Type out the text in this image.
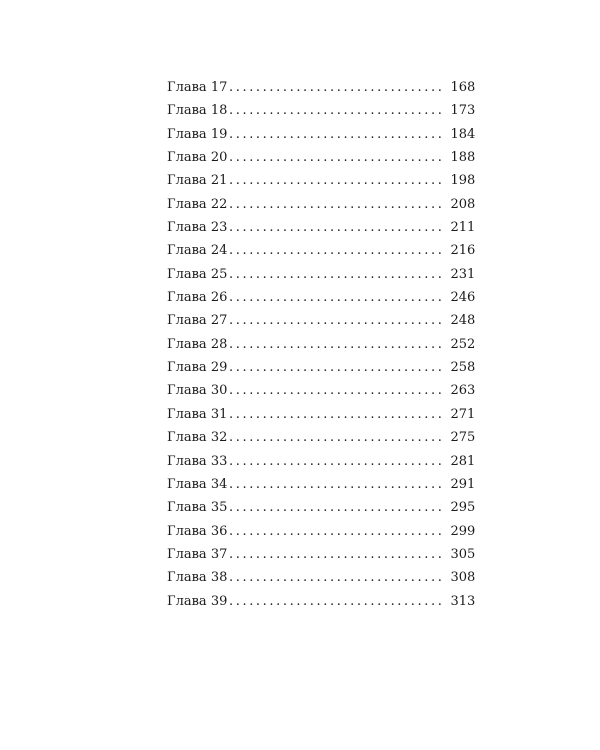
Глава 17 ................................ 168
Глава 18 ................................ 173
Глава 19 ................................ 184
Глава 20 ................................ 188
Глава 21 ................................ 198
Глава 22 ................................ 208
Глава 23 ................................ 211
Глава 24 ................................ 216
Глава 25 ................................ 231
Глава 26 ................................ 246
Глава 27 ................................ 248
Глава 28 ................................ 252
Глава 29 ................................ 258
Глава 30 ................................ 263
Глава 31 ................................ 271
Глава 32 ................................ 275
Глава 33 ................................ 281
Глава 34 ................................ 291
Глава 35 ................................ 295
Глава 36 ................................ 299
Глава 37 ................................ 305
Глава 38 ................................ 308
Глава 39 ................................ 313
